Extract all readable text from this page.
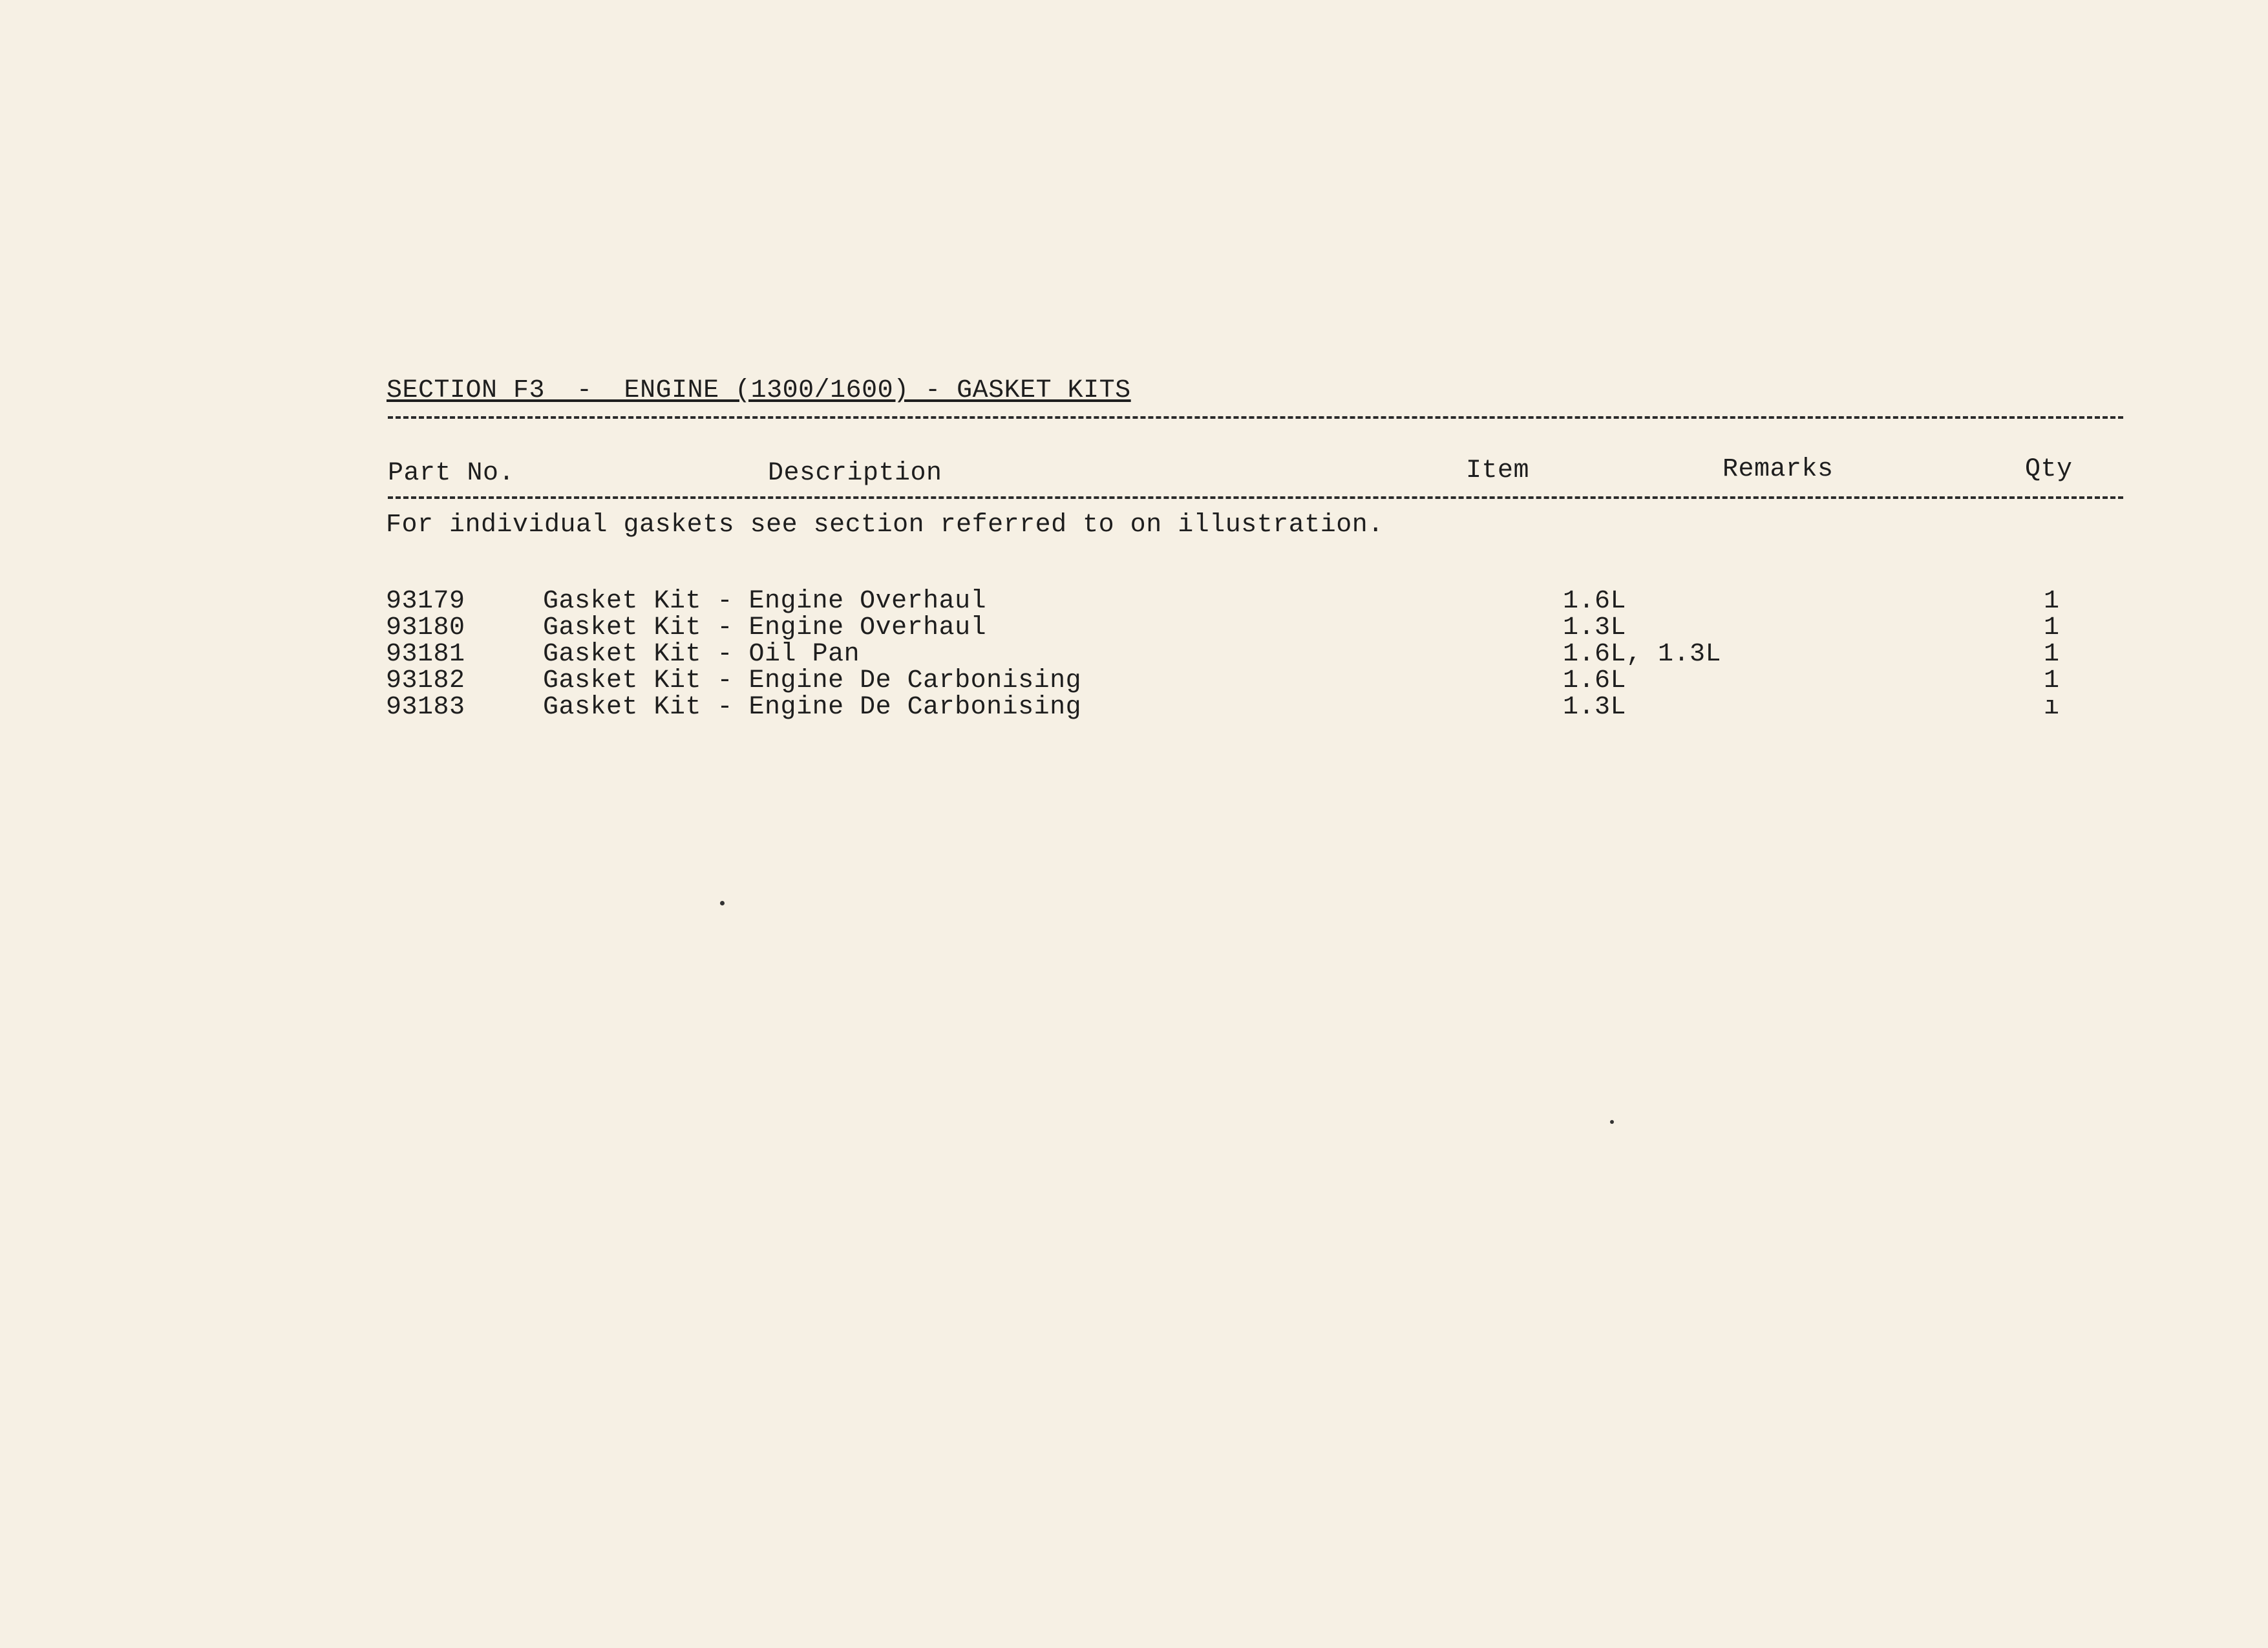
SECTION F3  -  ENGINE (1300/1600) - GASKET KITS
Part No.	Description	Item	Remarks	Qty
For individual gaskets see section referred to on illustration.
93179	Gasket Kit - Engine Overhaul	1.6L	1
93180	Gasket Kit - Engine Overhaul	1.3L	1
93181	Gasket Kit - Oil Pan	1.6L, 1.3L	1
93182	Gasket Kit - Engine De Carbonising	1.6L	1
93183	Gasket Kit - Engine De Carbonising	1.3L	ı
